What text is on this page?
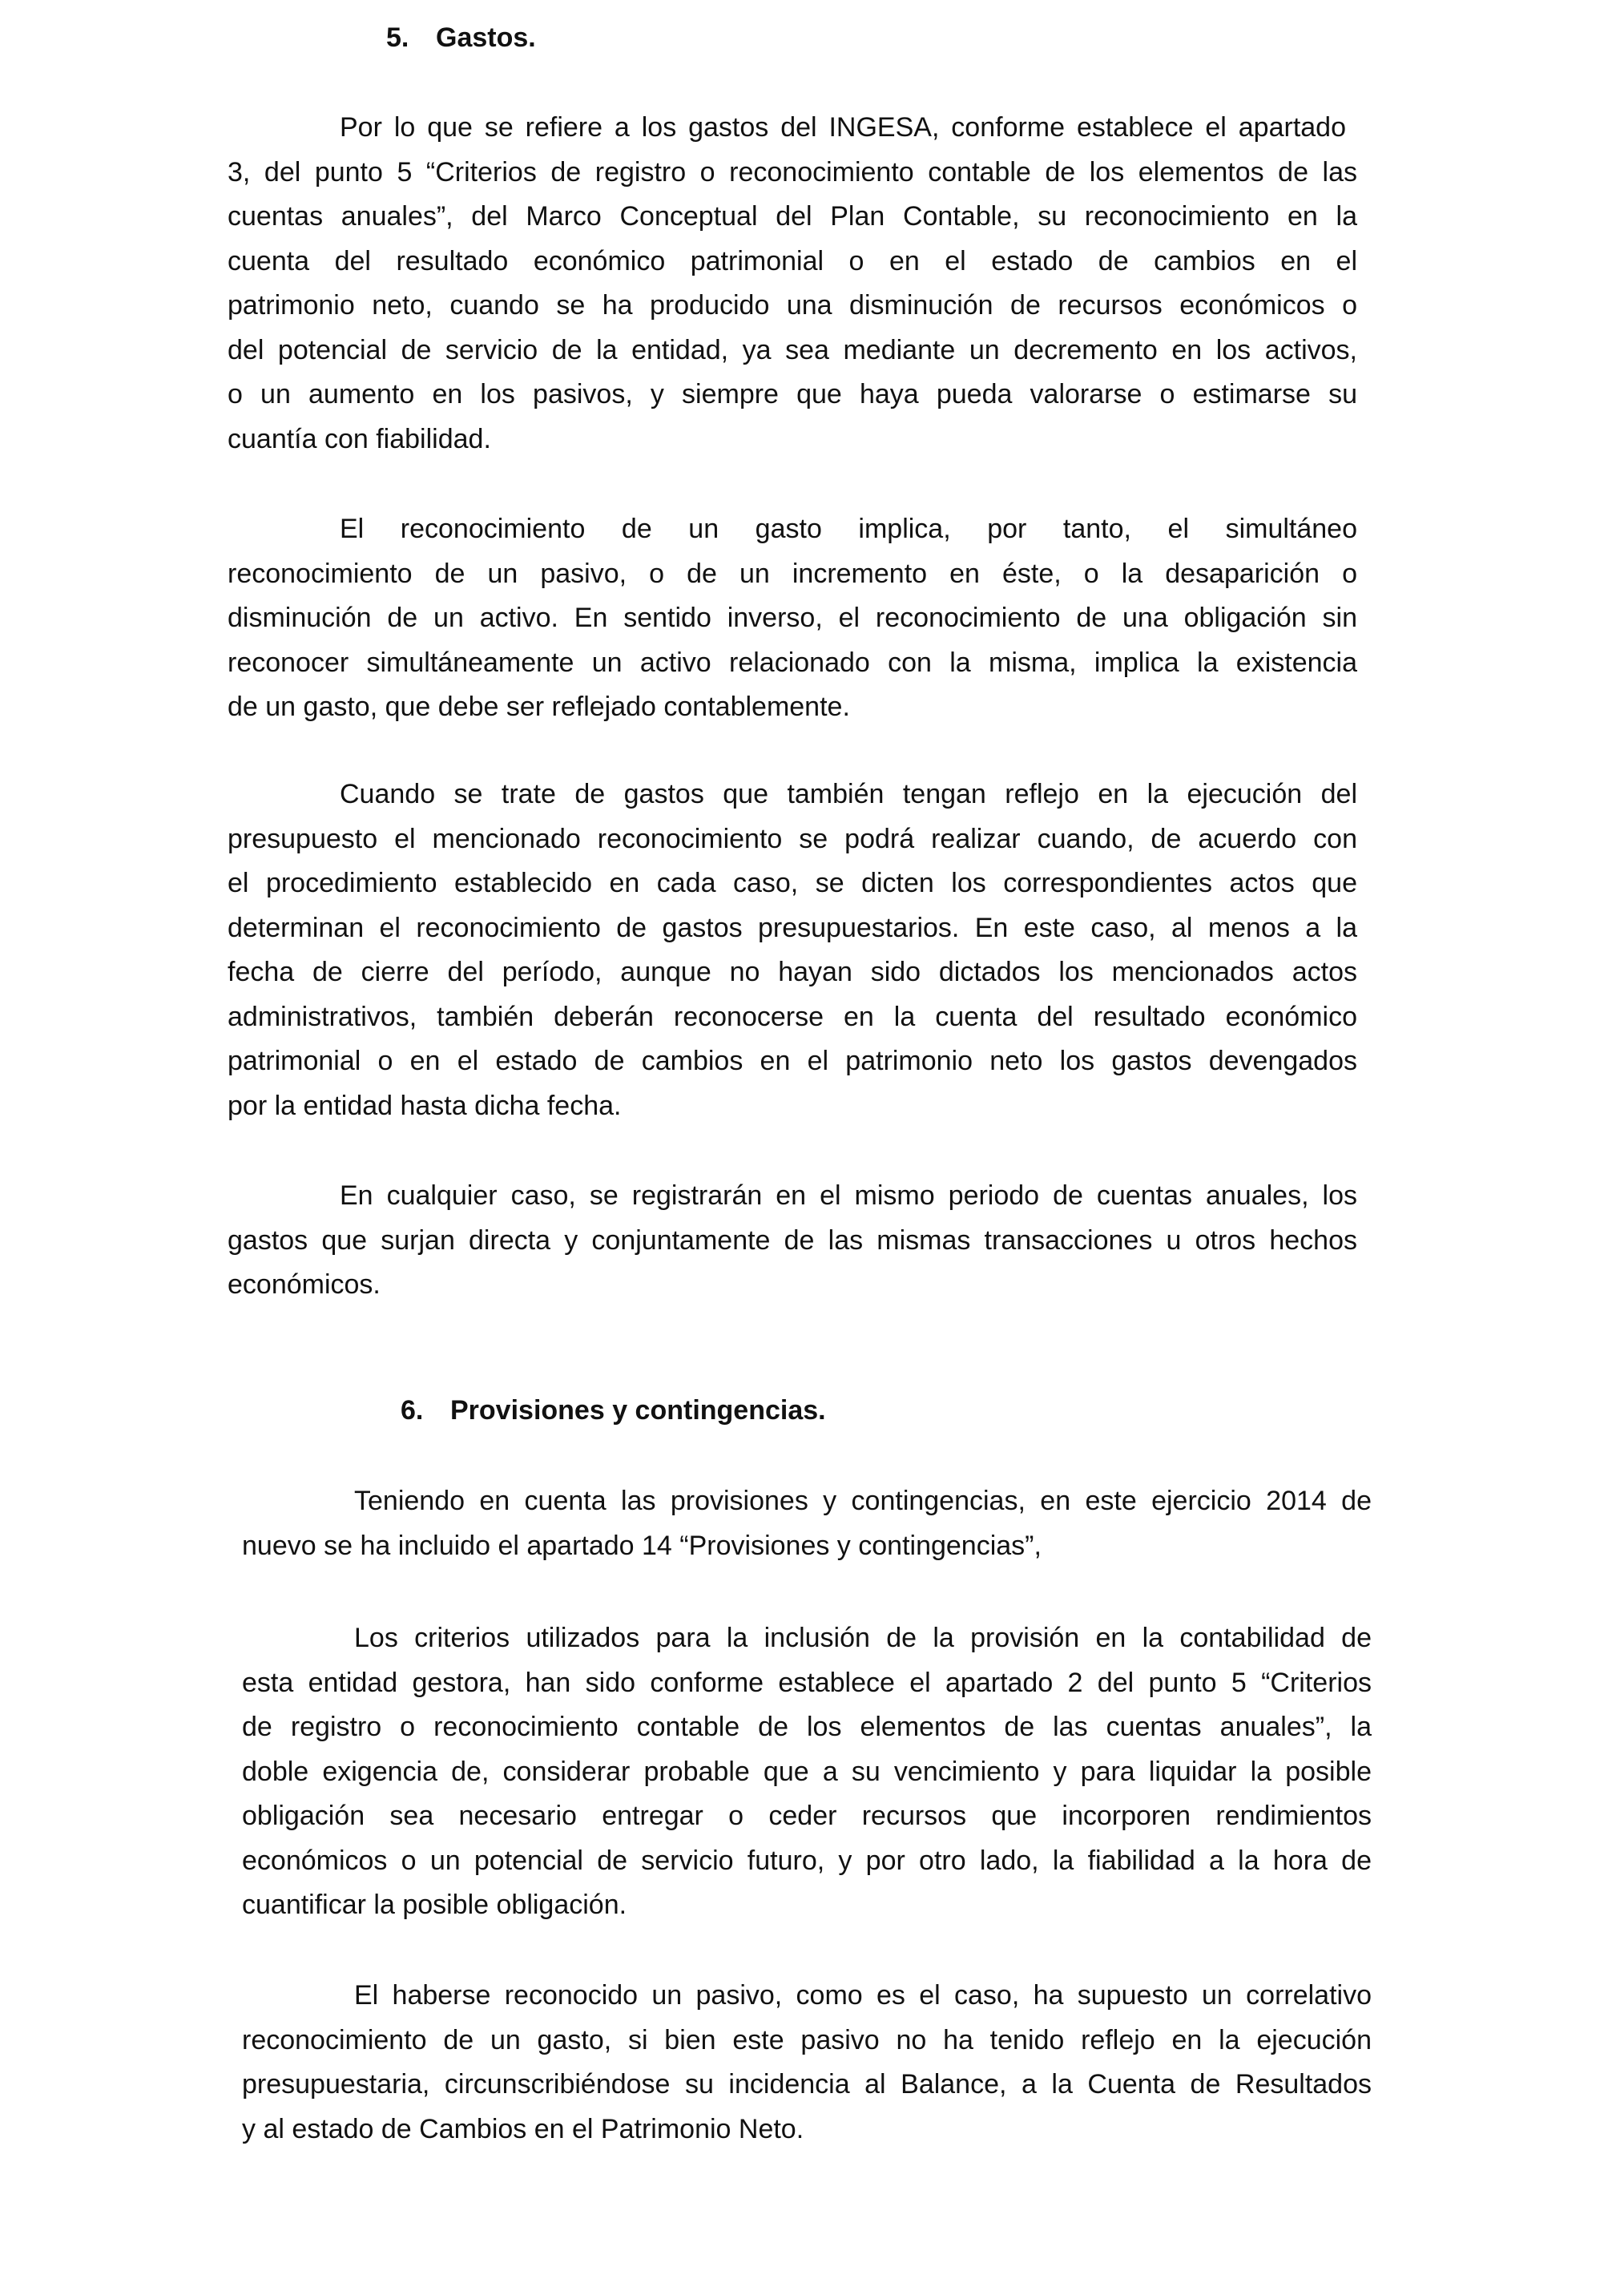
5. Gastos.
Por lo que se refiere a los gastos del INGESA, conforme establece el apartado
3, del punto 5 “Criterios de registro o reconocimiento contable de los elementos de las
cuentas anuales”, del Marco Conceptual del Plan Contable, su reconocimiento en la
cuenta del resultado económico patrimonial o en el estado de cambios en el
patrimonio neto, cuando se ha producido una disminución de recursos económicos o
del potencial de servicio de la entidad, ya sea mediante un decremento en los activos,
o un aumento en los pasivos, y siempre que haya pueda valorarse o estimarse su
cuantía con fiabilidad.
El reconocimiento de un gasto implica, por tanto, el simultáneo
reconocimiento de un pasivo, o de un incremento en éste, o la desaparición o
disminución de un activo. En sentido inverso, el reconocimiento de una obligación sin
reconocer simultáneamente un activo relacionado con la misma, implica la existencia
de un gasto, que debe ser reflejado contablemente.
Cuando se trate de gastos que también tengan reflejo en la ejecución del
presupuesto el mencionado reconocimiento se podrá realizar cuando, de acuerdo con
el procedimiento establecido en cada caso, se dicten los correspondientes actos que
determinan el reconocimiento de gastos presupuestarios. En este caso, al menos a la
fecha de cierre del período, aunque no hayan sido dictados los mencionados actos
administrativos, también deberán reconocerse en la cuenta del resultado económico
patrimonial o en el estado de cambios en el patrimonio neto los gastos devengados
por la entidad hasta dicha fecha.
En cualquier caso, se registrarán en el mismo periodo de cuentas anuales, los
gastos que surjan directa y conjuntamente de las mismas transacciones u otros hechos
económicos.
6. Provisiones y contingencias.
Teniendo en cuenta las provisiones y contingencias, en este ejercicio 2014 de
nuevo se ha incluido el apartado 14 “Provisiones y contingencias”,
Los criterios utilizados para la inclusión de la provisión en la contabilidad de
esta entidad gestora, han sido conforme establece el apartado 2 del punto 5 “Criterios
de registro o reconocimiento contable de los elementos de las cuentas anuales”, la
doble exigencia de, considerar probable que a su vencimiento y para liquidar la posible
obligación sea necesario entregar o ceder recursos que incorporen rendimientos
económicos o un potencial de servicio futuro, y por otro lado, la fiabilidad a la hora de
cuantificar la posible obligación.
El haberse reconocido un pasivo, como es el caso, ha supuesto un correlativo
reconocimiento de un gasto, si bien este pasivo no ha tenido reflejo en la ejecución
presupuestaria, circunscribiéndose su incidencia al Balance, a la Cuenta de Resultados
y al estado de Cambios en el Patrimonio Neto.
